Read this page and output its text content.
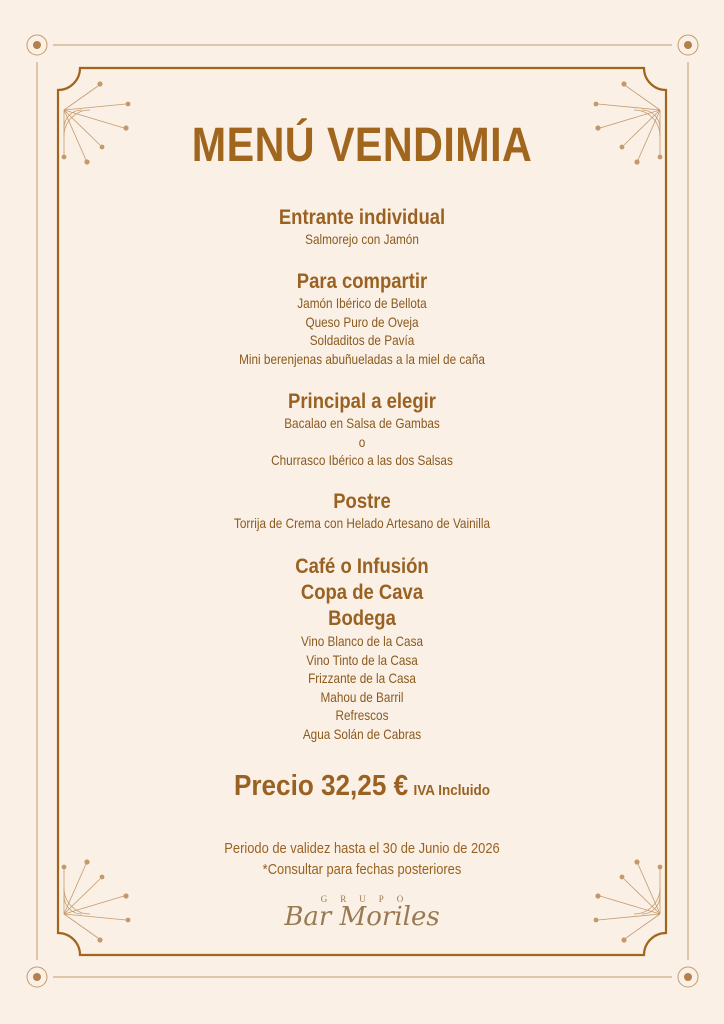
MENÚ VENDIMIA
Entrante individual
Salmorejo con Jamón
Para compartir
Jamón Ibérico de Bellota
Queso Puro de Oveja
Soldaditos de Pavía
Mini berenjenas abuñueladas a la miel de caña
Principal a elegir
Bacalao en Salsa de Gambas
o
Churrasco Ibérico a las dos Salsas
Postre
Torrija de Crema con Helado Artesano de Vainilla
Café o Infusión
Copa de Cava
Bodega
Vino Blanco de la Casa
Vino Tinto de la Casa
Frizzante de la Casa
Mahou de Barril
Refrescos
Agua Solán de Cabras
Precio 32,25 € IVA Incluido
Periodo de validez hasta el 30 de Junio de 2026
*Consultar para fechas posteriores
GRUPO
Bar Moriles
